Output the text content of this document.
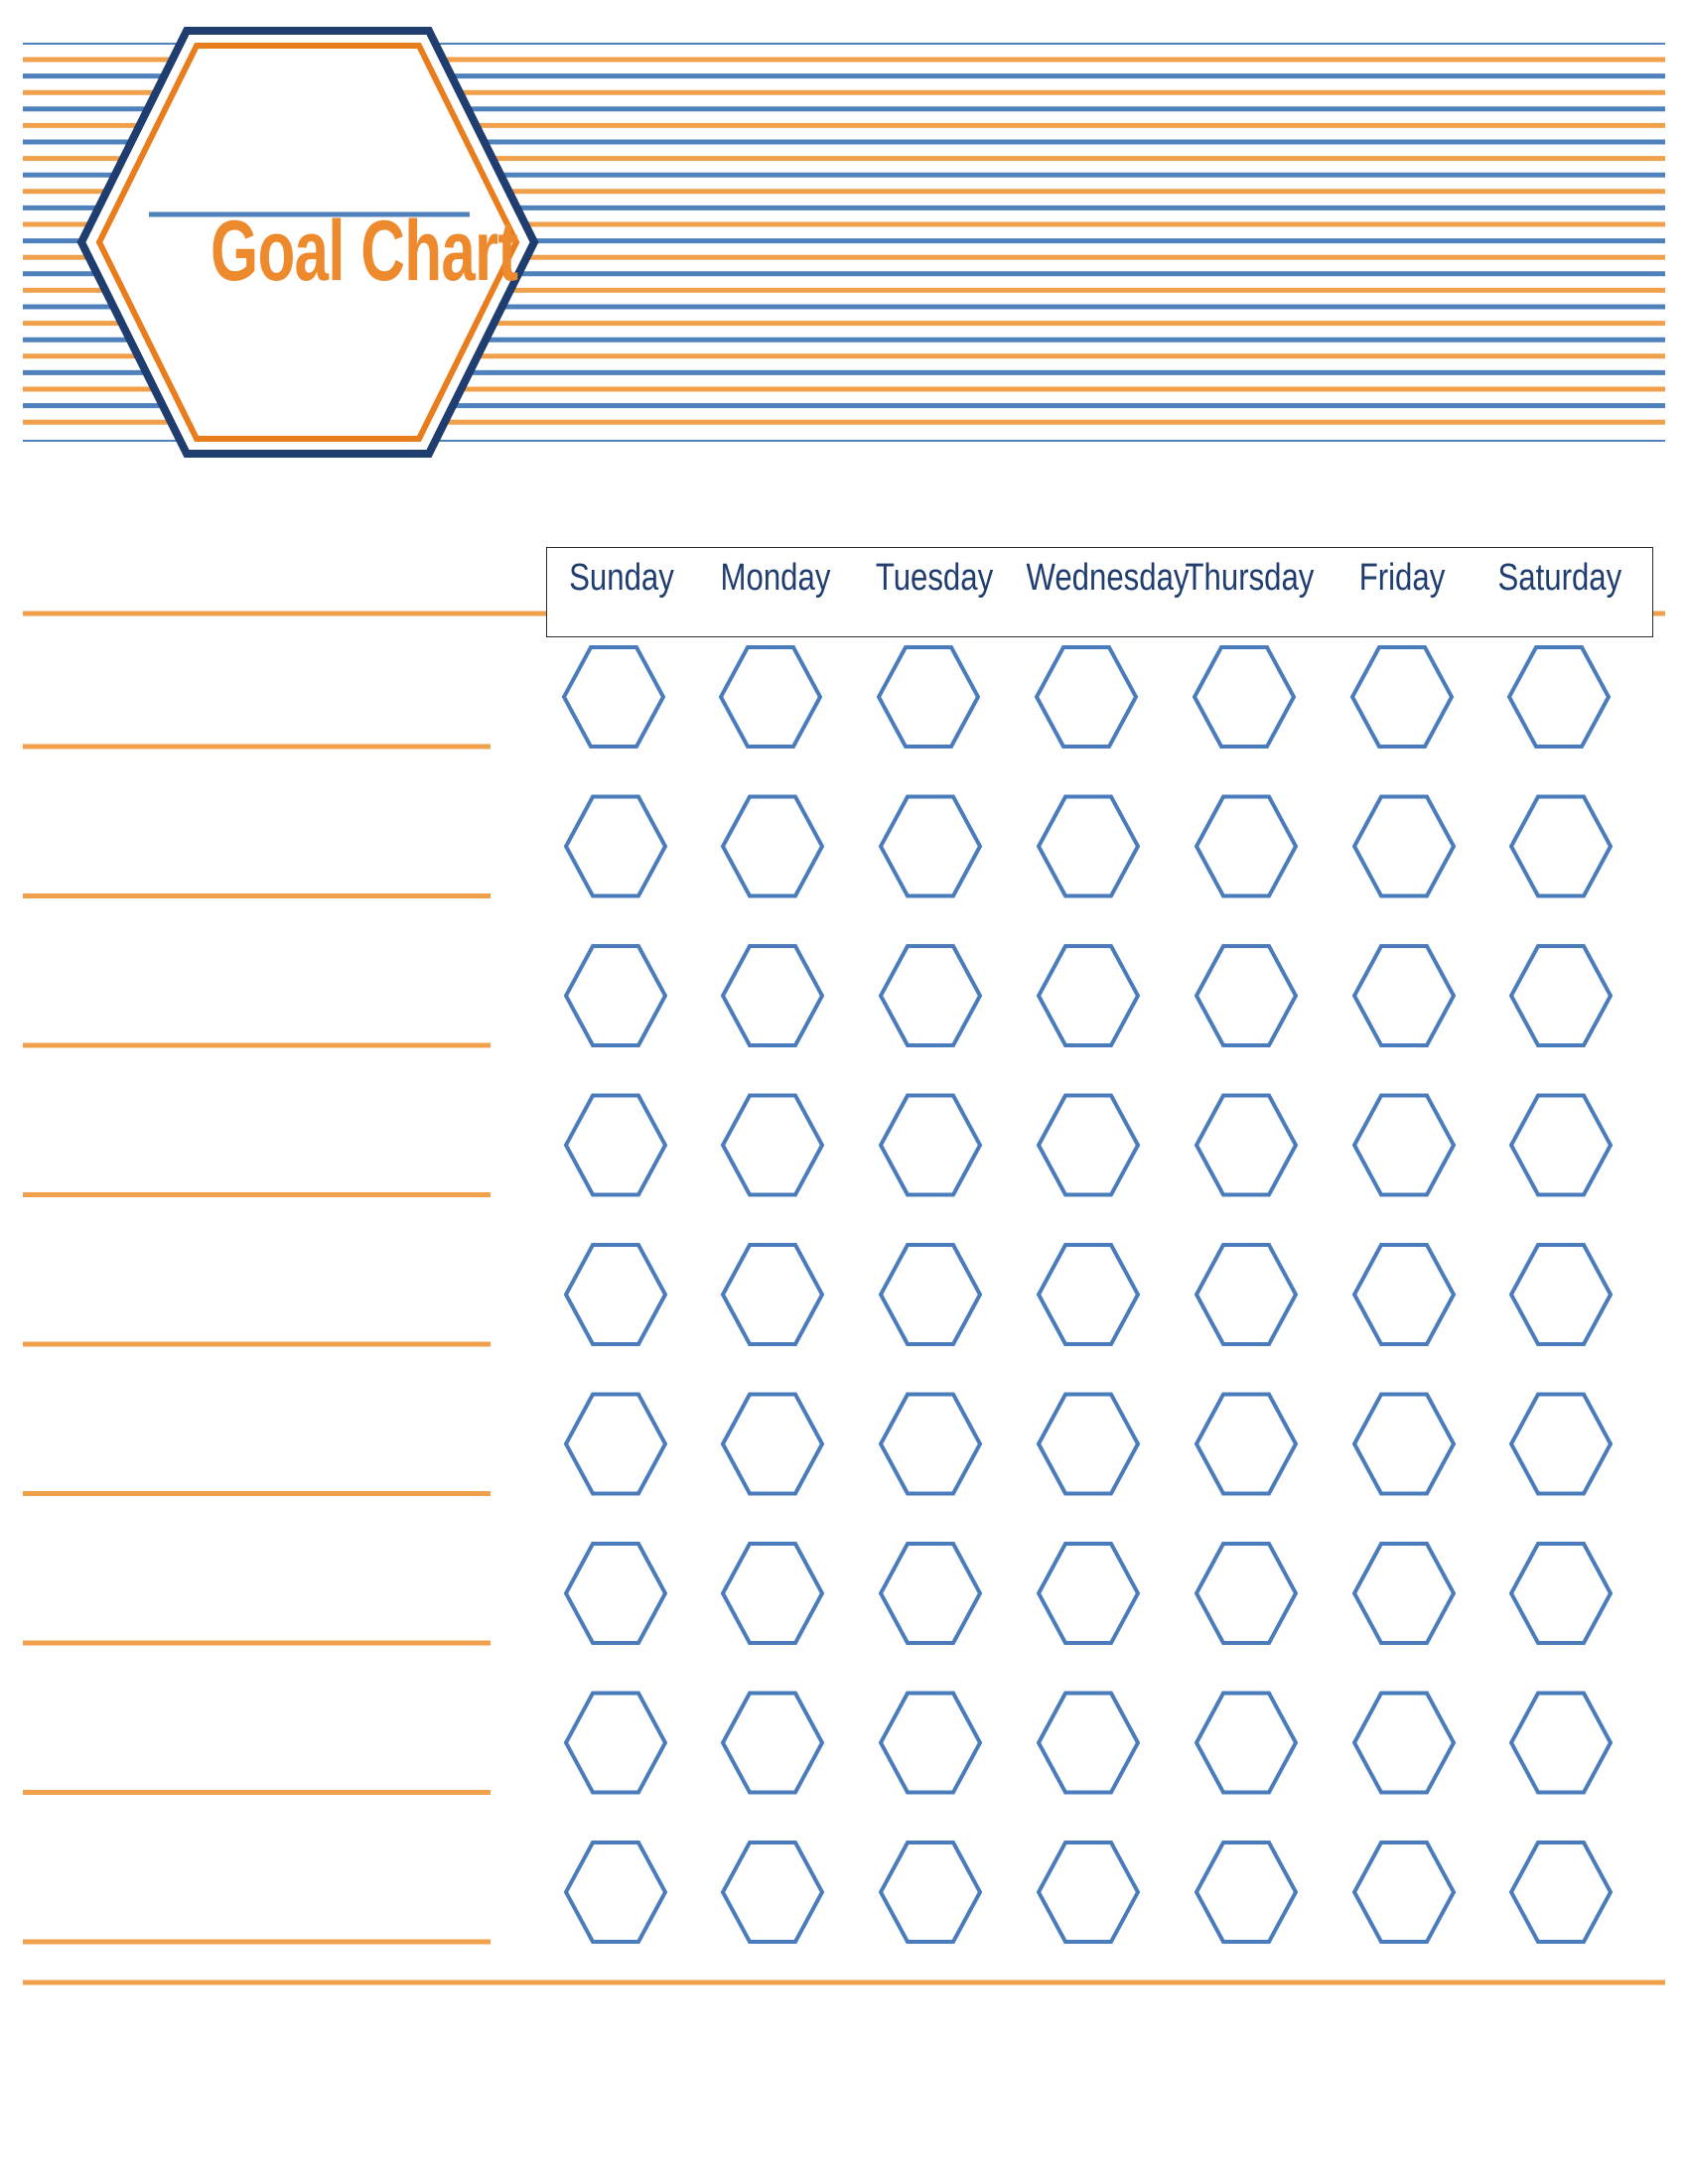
Goal Chart
Sunday Monday Tuesday Wednesday
Thursday	Friday	Saturday
